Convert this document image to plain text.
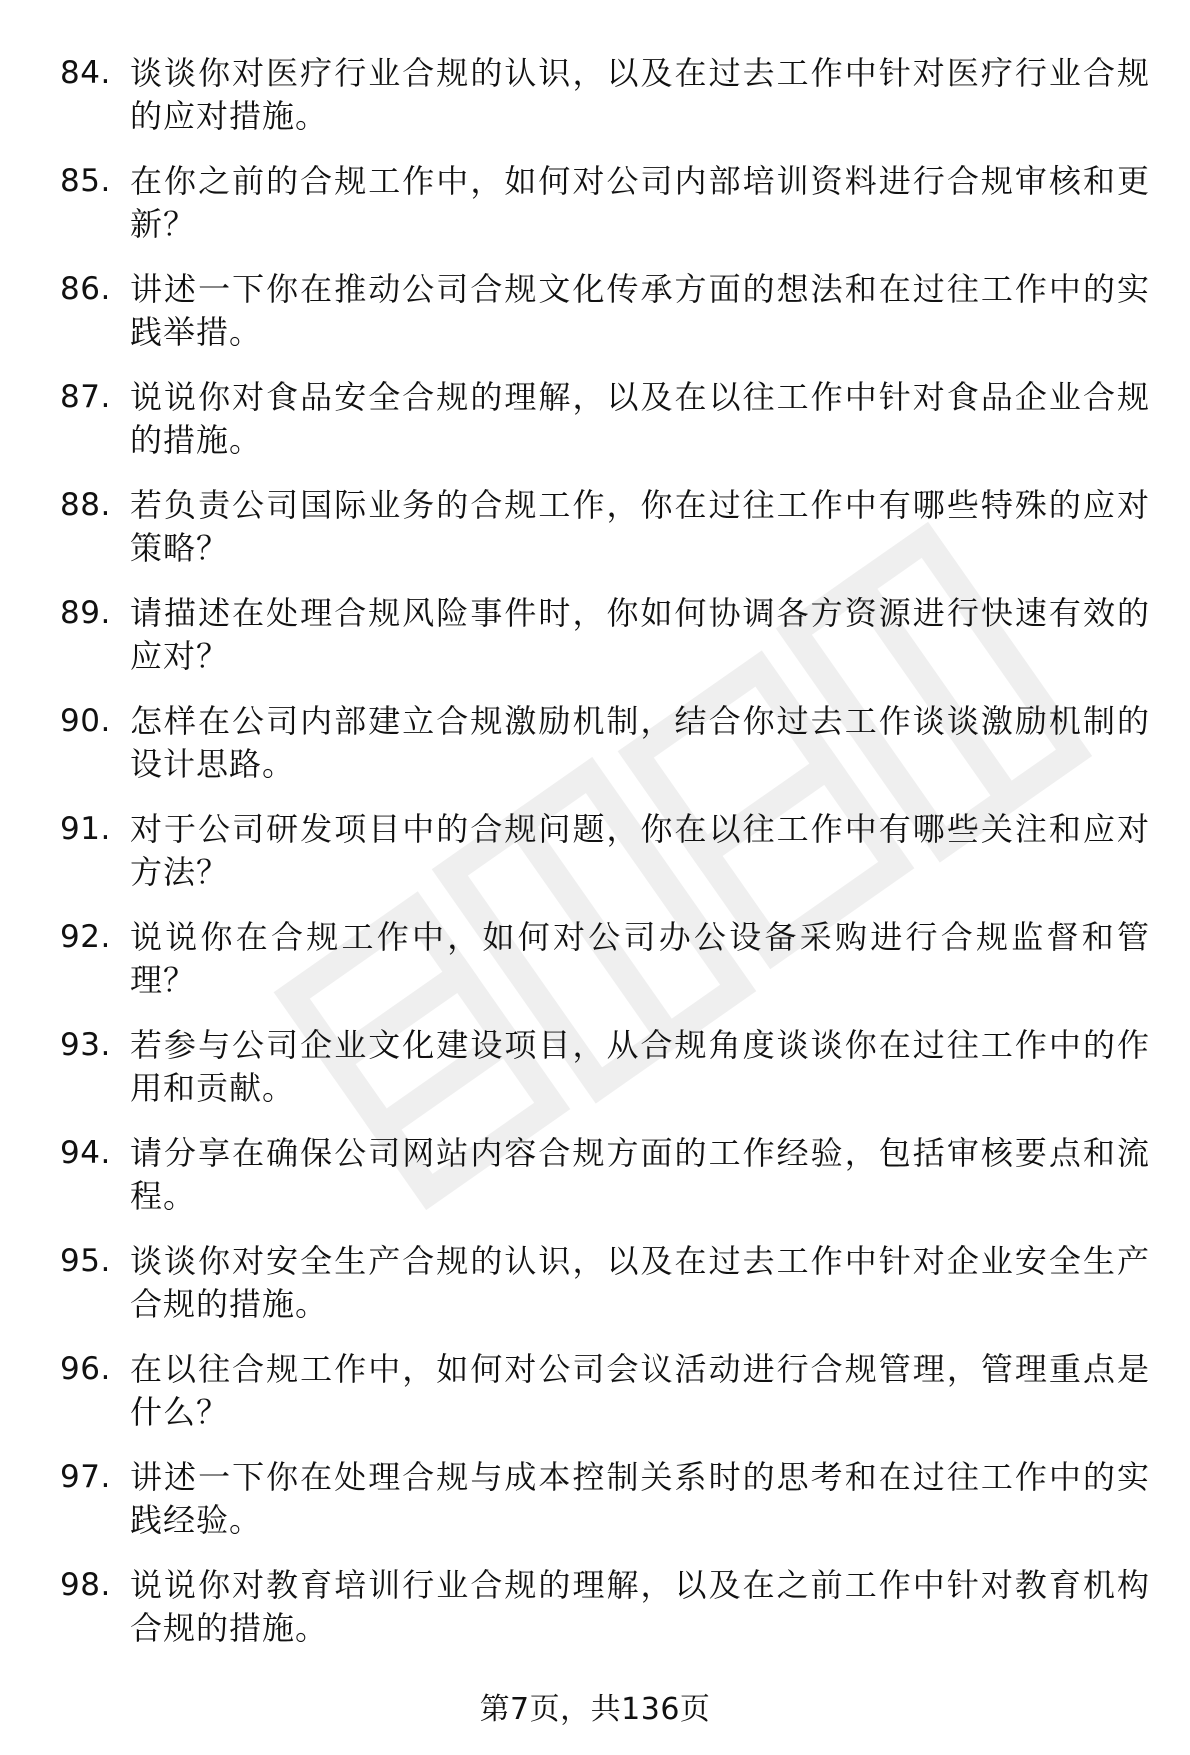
84. 谈谈你对医疗行业合规的认识，以及在过去工作中针对医疗行业合规的应对措施。
85. 在你之前的合规工作中，如何对公司内部培训资料进行合规审核和更新？
86. 讲述一下你在推动公司合规文化传承方面的想法和在过往工作中的实践举措。
87. 说说你对食品安全合规的理解，以及在以往工作中针对食品企业合规的措施。
88. 若负责公司国际业务的合规工作，你在过往工作中有哪些特殊的应对策略？
89. 请描述在处理合规风险事件时，你如何协调各方资源进行快速有效的应对？
90. 怎样在公司内部建立合规激励机制，结合你过去工作谈谈激励机制的设计思路。
91. 对于公司研发项目中的合规问题，你在以往工作中有哪些关注和应对方法？
92. 说说你在合规工作中，如何对公司办公设备采购进行合规监督和管理？
93. 若参与公司企业文化建设项目，从合规角度谈谈你在过往工作中的作用和贡献。
94. 请分享在确保公司网站内容合规方面的工作经验，包括审核要点和流程。
95. 谈谈你对安全生产合规的认识，以及在过去工作中针对企业安全生产合规的措施。
96. 在以往合规工作中，如何对公司会议活动进行合规管理，管理重点是什么？
97. 讲述一下你在处理合规与成本控制关系时的思考和在过往工作中的实践经验。
98. 说说你对教育培训行业合规的理解，以及在之前工作中针对教育机构合规的措施。
第7页，共136页
